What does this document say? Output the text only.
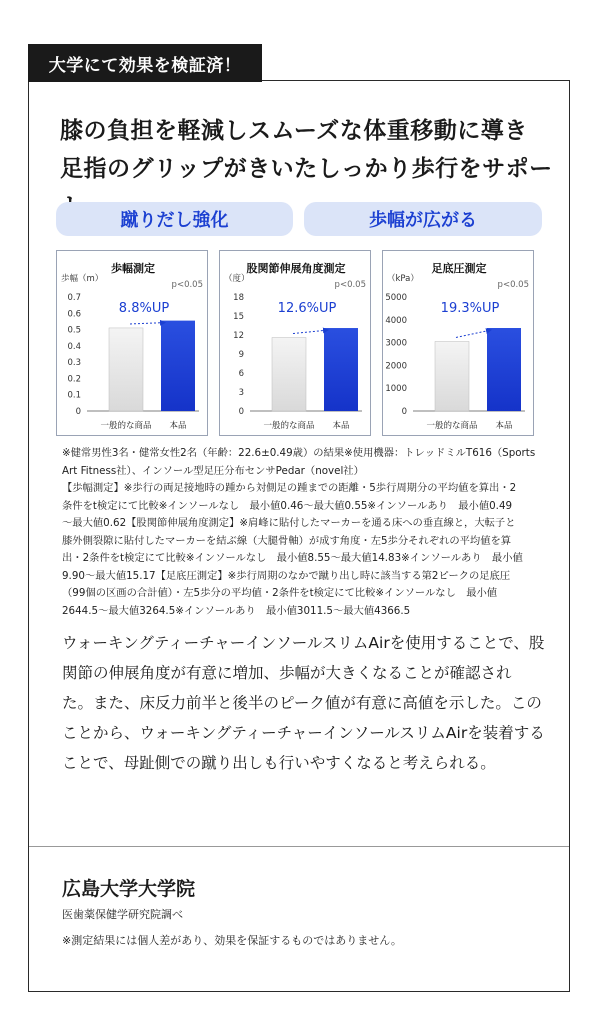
大学にて効果を検証済！
膝の負担を軽減しスムーズな体重移動に導き
足指のグリップがきいたしっかり歩行をサポー
蹴りだし強化	歩幅が広がる
歩幅測定
歩幅（m）
p<0.05
0.7
0.6
0.5
0.4
0.3
0.2
0.1
0
一般的な商品 本品
8.8%UP
股関節伸展角度測定
（度）
p<0.05
18
15
12
9
6
3
0
一般的な商品 本品
12.6%UP
足底圧測定
（kPa）
p<0.05
5000
4000
3000
2000
1000
0
一般的な商品 本品
19.3%UP
※健常男性3名・健常女性2名（年齢：22.6±0.49歳）の結果※使用機器：トレッドミルT616（Sports
Art Fitness社）、インソール型足圧分布センサPedar（novel社）
【歩幅測定】※歩行の両足接地時の踵から対側足の踵までの距離・5歩行周期分の平均値を算出・2
条件をt検定にて比較※インソールなし　最小値0.46〜最大値0.55※インソールあり　最小値0.49
〜最大値0.62【股関節伸展角度測定】※肩峰に貼付したマーカーを通る床への垂直線と，大転子と
膝外側裂隙に貼付したマーカーを結ぶ線（大腿骨軸）が成す角度・左5歩分それぞれの平均値を算
出・2条件をt検定にて比較※インソールなし　最小値8.55〜最大値14.83※インソールあり　最小値
9.90〜最大値15.17【足底圧測定】※歩行周期のなかで蹴り出し時に該当する第2ピークの足底圧
（99個の区画の合計値）・左5歩分の平均値・2条件をt検定にて比較※インソールなし　最小値
2644.5〜最大値3264.5※インソールあり　最小値3011.5〜最大値4366.5
ウォーキングティーチャーインソールスリムAirを使用することで、股
関節の伸展角度が有意に増加、歩幅が大きくなることが確認され
た。また、床反力前半と後半のピーク値が有意に高値を示した。この
ことから、ウォーキングティーチャーインソールスリムAirを装着する
ことで、母趾側での蹴り出しも行いやすくなると考えられる。
広島大学大学院
医歯薬保健学研究院調べ
※測定結果には個人差があり、効果を保証するものではありません。
